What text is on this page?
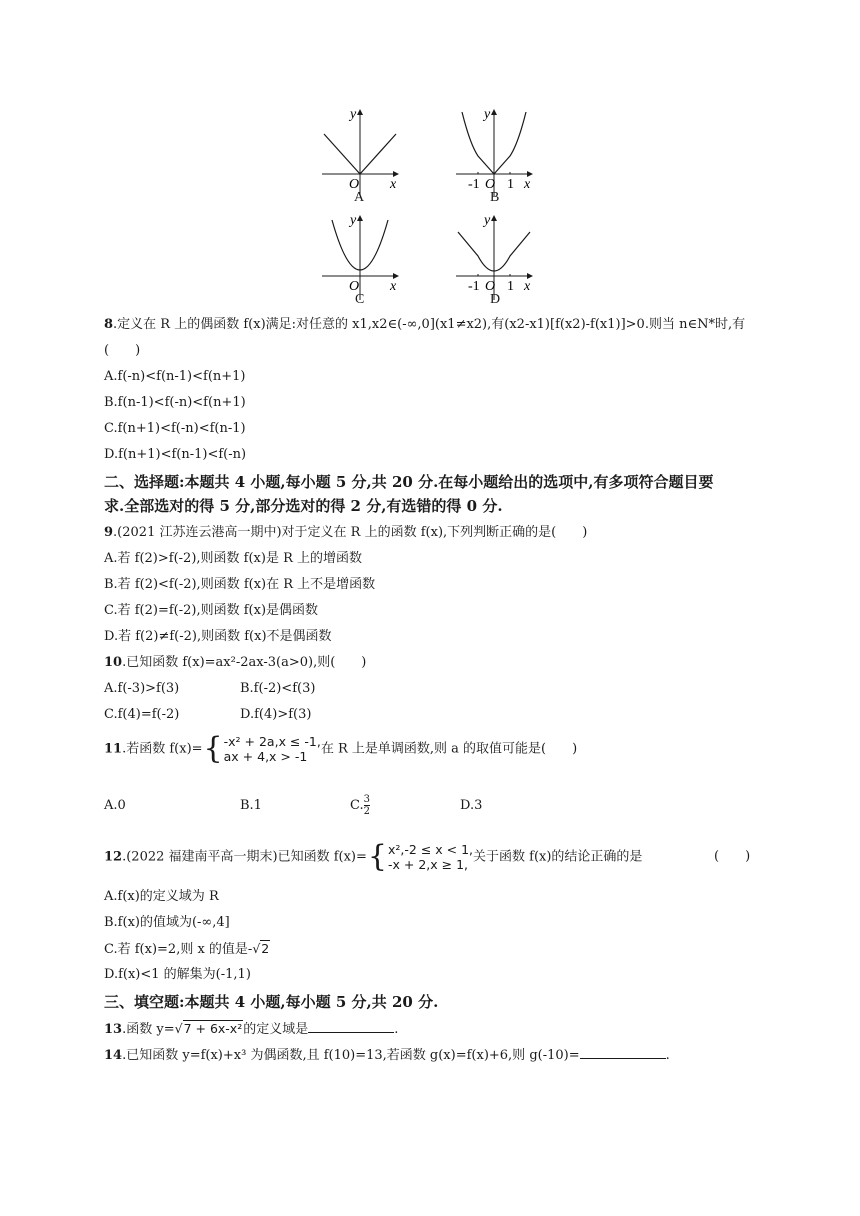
O
y
x
A
-1 O 1
y
x
B
O
y
x
C
-1 O 1
y
x
D
8.定义在 R 上的偶函数 f(x)满足:对任意的 x1,x2∈(-∞,0](x1≠x2),有(x2-x1)[f(x2)-f(x1)]>0.则当 n∈N*时,有
(　　)
A.f(-n)<f(n-1)<f(n+1)
B.f(n-1)<f(-n)<f(n+1)
C.f(n+1)<f(-n)<f(n-1)
D.f(n+1)<f(n-1)<f(-n)
二、选择题:本题共 4 小题,每小题 5 分,共 20 分.在每小题给出的选项中,有多项符合题目要
求.全部选对的得 5 分,部分选对的得 2 分,有选错的得 0 分.
9.(2021 江苏连云港高一期中)对于定义在 R 上的函数 f(x),下列判断正确的是(　　)
A.若 f(2)>f(-2),则函数 f(x)是 R 上的增函数
B.若 f(2)<f(-2),则函数 f(x)在 R 上不是增函数
C.若 f(2)=f(-2),则函数 f(x)是偶函数
D.若 f(2)≠f(-2),则函数 f(x)不是偶函数
10.已知函数 f(x)=ax²-2ax-3(a>0),则(　　)
A.f(-3)>f(3)	B.f(-2)<f(3)
C.f(4)=f(-2)	D.f(4)>f(3)
11.若函数 f(x)={ -x² + 2a,x ≤ -1,
ax + 4,x > -1	在 R 上是单调函数,则 a 的取值可能是(　　)
A.0	B.1	C. $\frac{3}{2}$	D.3
12.(2022 福建南平高一期末)已知函数 f(x)={ x²,-2 ≤ x < 1,
-x + 2,x ≥ 1, 关于函数 f(x)的结论正确的是	(　　)
A.f(x)的定义域为 R
B.f(x)的值域为(-∞,4]
C.若 f(x)=2,则 x 的值是-√2
D.f(x)<1 的解集为(-1,1)
三、填空题:本题共 4 小题,每小题 5 分,共 20 分.
13.函数 y=√7 + 6x-x²的定义域是	.
14.已知函数 y=f(x)+x³ 为偶函数,且 f(10)=13,若函数 g(x)=f(x)+6,则 g(-10)=	.
